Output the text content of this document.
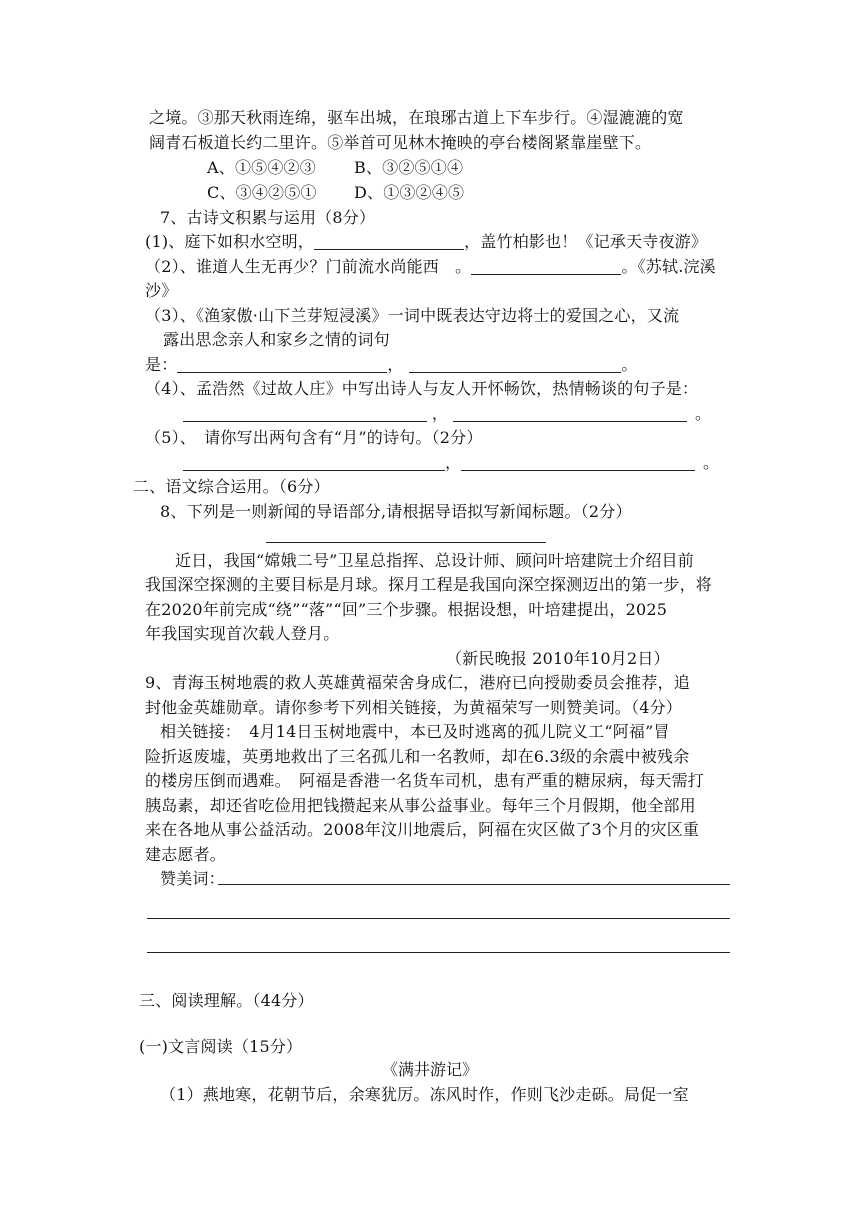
之境。③那天秋雨连绵，驱车出城，在琅琊古道上下车步行。④湿漉漉的宽
阔青石板道长约二里许。⑤举首可见林木掩映的亭台楼阁紧靠崖壁下。
A、①⑤④②③ B、③②⑤①④
C、③④②⑤① D、①③②④⑤
7、古诗文积累与运用（8分）
(1)、庭下如积水空明，	，盖竹柏影也！《记承天寺夜游》
（2）、谁道人生无再少？门前流水尚能西　。	。《苏轼.浣溪
沙》
（3）、《渔家傲·山下兰芽短浸溪》一词中既表达守边将士的爱国之心，又流
露出思念亲人和家乡之情的词句
是：	，	。
（4）、孟浩然《过故人庄》中写出诗人与友人开怀畅饮，热情畅谈的句子是：
，	。
（5）、　请你写出两句含有“月”的诗句。（2分）
，	。
二、语文综合运用。（6分）
8、下列是一则新闻的导语部分,请根据导语拟写新闻标题。（2分）
近日，我国“嫦娥二号”卫星总指挥、总设计师、顾问叶培建院士介绍目前
我国深空探测的主要目标是月球。探月工程是我国向深空探测迈出的第一步，将
在2020年前完成“绕”“落”“回”三个步骤。根据设想，叶培建提出，2025
年我国实现首次载人登月。
（新民晚报 2010年10月2日）
9、青海玉树地震的救人英雄黄福荣舍身成仁，港府已向授勋委员会推荐，追
封他金英雄勋章。请你参考下列相关链接，为黄福荣写一则赞美词。（4分）
相关链接：　4月14日玉树地震中，本已及时逃离的孤儿院义工“阿福”冒
险折返废墟，英勇地救出了三名孤儿和一名教师，却在6.3级的余震中被残余
的楼房压倒而遇难。　阿福是香港一名货车司机，患有严重的糖尿病，每天需打
胰岛素，却还省吃俭用把钱攒起来从事公益事业。每年三个月假期，他全部用
来在各地从事公益活动。2008年汶川地震后，阿福在灾区做了3个月的灾区重
建志愿者。
赞美词：
三、阅读理解。（44分）
(一)文言阅读（15分）
《满井游记》
（1）燕地寒，花朝节后，余寒犹厉。冻风时作，作则飞沙走砾。局促一室
